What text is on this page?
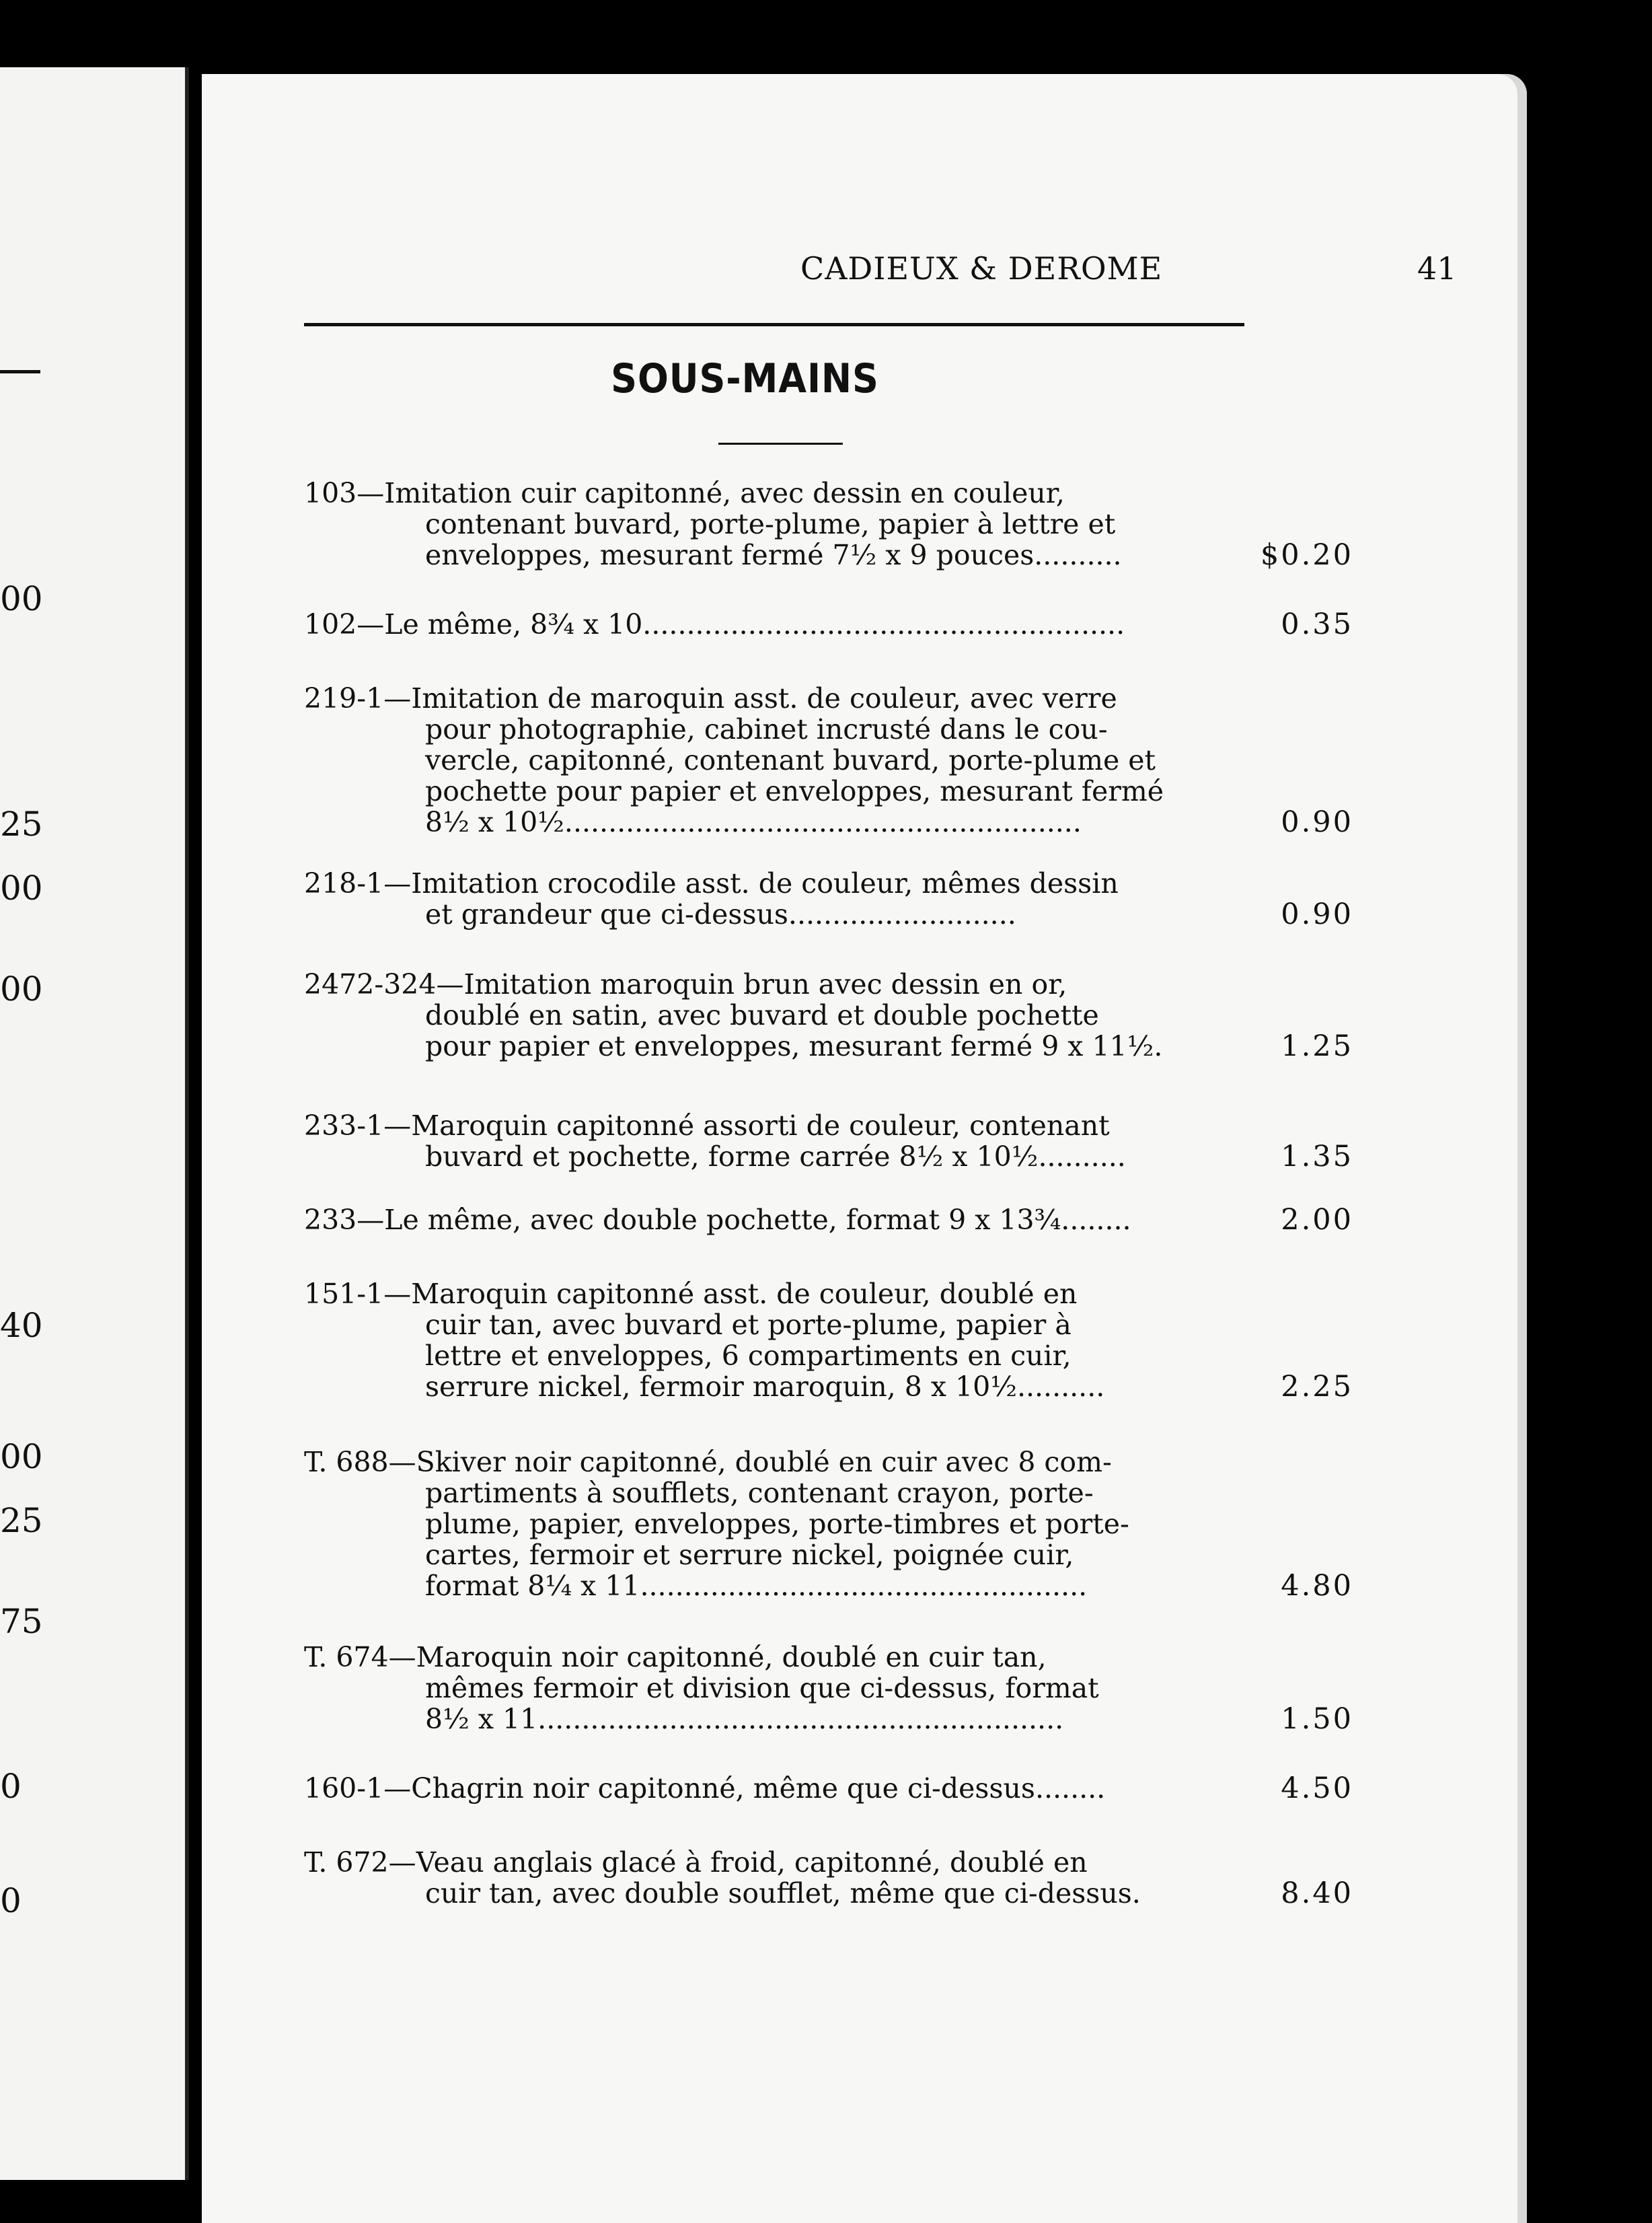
00
25
00
00
40
00
25
75
0
0
CADIEUX & DEROME	41
SOUS-MAINS
103—Imitation cuir capitonné, avec dessin en couleur,
contenant buvard, porte-plume, papier à lettre et
enveloppes, mesurant fermé 7½ x 9 pouces..........	$0.20
102—Le même, 8¾ x 10.......................................................	0.35
219-1—Imitation de maroquin asst. de couleur, avec verre
pour photographie, cabinet incrusté dans le cou-
vercle, capitonné, contenant buvard, porte-plume et
pochette pour papier et enveloppes, mesurant fermé
8½ x 10½...........................................................	0.90
218-1—Imitation crocodile asst. de couleur, mêmes dessin
et grandeur que ci-dessus..........................	0.90
2472-324—Imitation maroquin brun avec dessin en or,
doublé en satin, avec buvard et double pochette
pour papier et enveloppes, mesurant fermé 9 x 11½.	1.25
233-1—Maroquin capitonné assorti de couleur, contenant
buvard et pochette, forme carrée 8½ x 10½..........	1.35
233—Le même, avec double pochette, format 9 x 13¾........	2.00
151-1—Maroquin capitonné asst. de couleur, doublé en
cuir tan, avec buvard et porte-plume, papier à
lettre et enveloppes, 6 compartiments en cuir,
serrure nickel, fermoir maroquin, 8 x 10½..........	2.25
T. 688—Skiver noir capitonné, doublé en cuir avec 8 com-
partiments à soufflets, contenant crayon, porte-
plume, papier, enveloppes, porte-timbres et porte-
cartes, fermoir et serrure nickel, poignée cuir,
format 8¼ x 11...................................................	4.80
T. 674—Maroquin noir capitonné, doublé en cuir tan,
mêmes fermoir et division que ci-dessus, format
8½ x 11............................................................	1.50
160-1—Chagrin noir capitonné, même que ci-dessus........	4.50
T. 672—Veau anglais glacé à froid, capitonné, doublé en
cuir tan, avec double soufflet, même que ci-dessus.	8.40
